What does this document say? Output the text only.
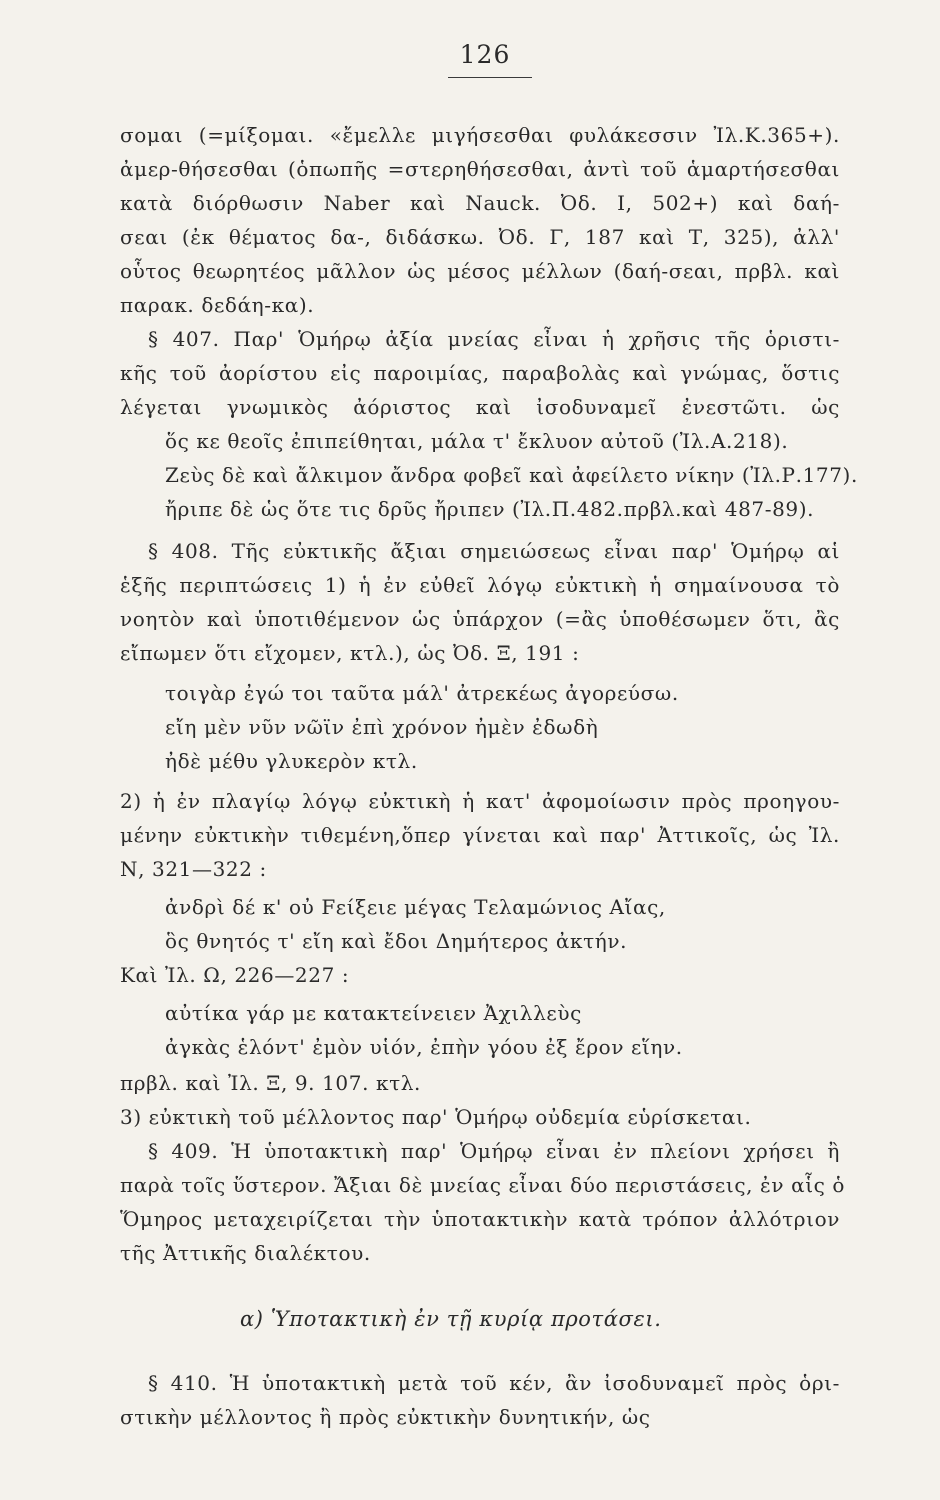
126
σομαι (=μίξομαι. «ἔμελλε μιγήσεσθαι φυλάκεσσιν Ἰλ.Κ.365+).
ἀμερ-θήσεσθαι (ὁπωπῆς =στερηθήσεσθαι, ἀντὶ τοῦ ἁμαρτήσεσθαι
κατὰ διόρθωσιν Naber καὶ Nauck. Ὀδ. I, 502+) καὶ δαή-
σεαι (ἐκ θέματος δα-, διδάσκω. Ὀδ. Γ, 187 καὶ Τ, 325), ἀλλ'
οὗτος θεωρητέος μᾶλλον ὡς μέσος μέλλων (δαή-σεαι, πρβλ. καὶ
παρακ. δεδάη-κα).
§ 407. Παρ' Ὁμήρῳ ἀξία μνείας εἶναι ἡ χρῆσις τῆς ὁριστι-
κῆς τοῦ ἀορίστου εἰς παροιμίας, παραβολὰς καὶ γνώμας, ὅστις
λέγεται γνωμικὸς ἀόριστος καὶ ἰσοδυναμεῖ ἐνεστῶτι. ὡς
ὅς κε θεοῖς ἐπιπείθηται, μάλα τ' ἔκλυον αὐτοῦ (Ἰλ.Α.218).
Ζεὺς δὲ καὶ ἄλκιμον ἄνδρα φοβεῖ καὶ ἀφείλετο νίκην (Ἰλ.Ρ.177).
ἤριπε δὲ ὡς ὅτε τις δρῦς ἤριπεν (Ἰλ.Π.482.πρβλ.καὶ 487-89).
§ 408. Τῆς εὐκτικῆς ἄξιαι σημειώσεως εἶναι παρ' Ὁμήρῳ αἱ
ἑξῆς περιπτώσεις 1) ἡ ἐν εὐθεῖ λόγῳ εὐκτικὴ ἡ σημαίνουσα τὸ
νοητὸν καὶ ὑποτιθέμενον ὡς ὑπάρχον (=ἂς ὑποθέσωμεν ὅτι, ἂς
εἴπωμεν ὅτι εἴχομεν, κτλ.), ὡς Ὀδ. Ξ, 191 :
τοιγὰρ ἐγώ τοι ταῦτα μάλ' ἀτρεκέως ἀγορεύσω.
εἴη μὲν νῦν νῶϊν ἐπὶ χρόνον ἠμὲν ἐδωδὴ
ἠδὲ μέθυ γλυκερὸν κτλ.
2) ἡ ἐν πλαγίῳ λόγῳ εὐκτικὴ ἡ κατ' ἀφομοίωσιν πρὸς προηγου-
μένην εὐκτικὴν τιθεμένη,ὅπερ γίνεται καὶ παρ' Ἀττικοῖς, ὡς Ἰλ.
Ν, 321—322 :
ἀνδρὶ δέ κ' οὐ Fείξειε μέγας Τελαμώνιος Αἴας,
ὃς θνητός τ' εἴη καὶ ἔδοι Δημήτερος ἀκτήν.
Καὶ Ἰλ. Ω, 226—227 :
αὐτίκα γάρ με κατακτείνειεν Ἀχιλλεὺς
ἀγκὰς ἑλόντ' ἐμὸν υἱόν, ἐπὴν γόου ἐξ ἔρον εἵην.
πρβλ. καὶ Ἰλ. Ξ, 9. 107. κτλ.
3) εὐκτικὴ τοῦ μέλλοντος παρ' Ὁμήρῳ οὐδεμία εὑρίσκεται.
§ 409. Ἡ ὑποτακτικὴ παρ' Ὁμήρῳ εἶναι ἐν πλείονι χρήσει ἢ
παρὰ τοῖς ὕστερον. Ἄξιαι δὲ μνείας εἶναι δύο περιστάσεις, ἐν αἷς ὁ
Ὅμηρος μεταχειρίζεται τὴν ὑποτακτικὴν κατὰ τρόπον ἀλλότριον
τῆς Ἀττικῆς διαλέκτου.
α) Ὑποτακτικὴ ἐν τῇ κυρίᾳ προτάσει.
§ 410. Ἡ ὑποτακτικὴ μετὰ τοῦ κέν, ἂν ἰσοδυναμεῖ πρὸς ὁρι-
στικὴν μέλλοντος ἢ πρὸς εὐκτικὴν δυνητικήν, ὡς
